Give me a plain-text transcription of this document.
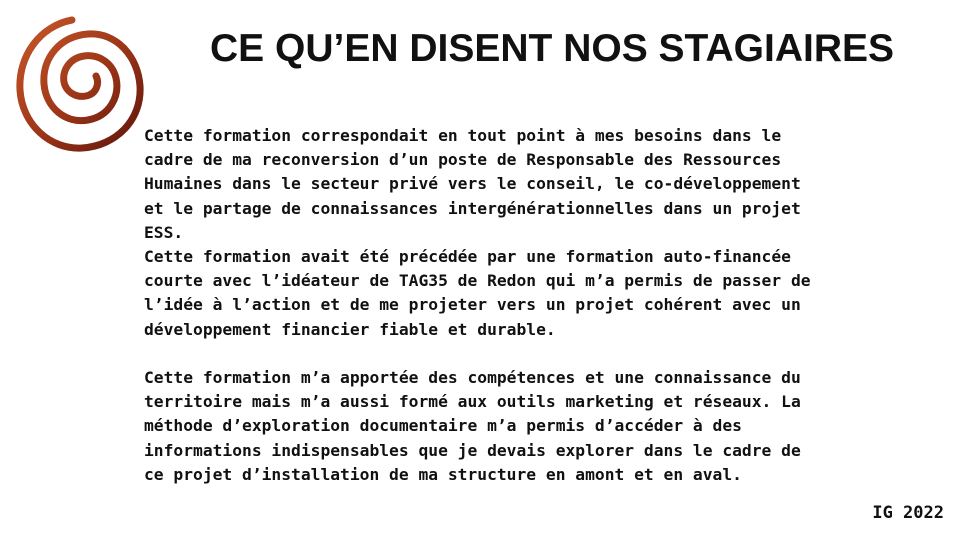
CE QU’EN DISENT NOS STAGIAIRES
Cette formation correspondait en tout point à mes besoins dans le
cadre de ma reconversion d’un poste de Responsable des Ressources
Humaines dans le secteur privé vers le conseil, le co-développement
et le partage de connaissances intergénérationnelles dans un projet
ESS.
Cette formation avait été précédée par une formation auto-financée
courte avec l’idéateur de TAG35 de Redon qui m’a permis de passer de
l’idée à l’action et de me projeter vers un projet cohérent avec un
développement financier fiable et durable.
Cette formation m’a apportée des compétences et une connaissance du
territoire mais m’a aussi formé aux outils marketing et réseaux. La
méthode d’exploration documentaire m’a permis d’accéder à des
informations indispensables que je devais explorer dans le cadre de
ce projet d’installation de ma structure en amont et en aval.
IG 2022
